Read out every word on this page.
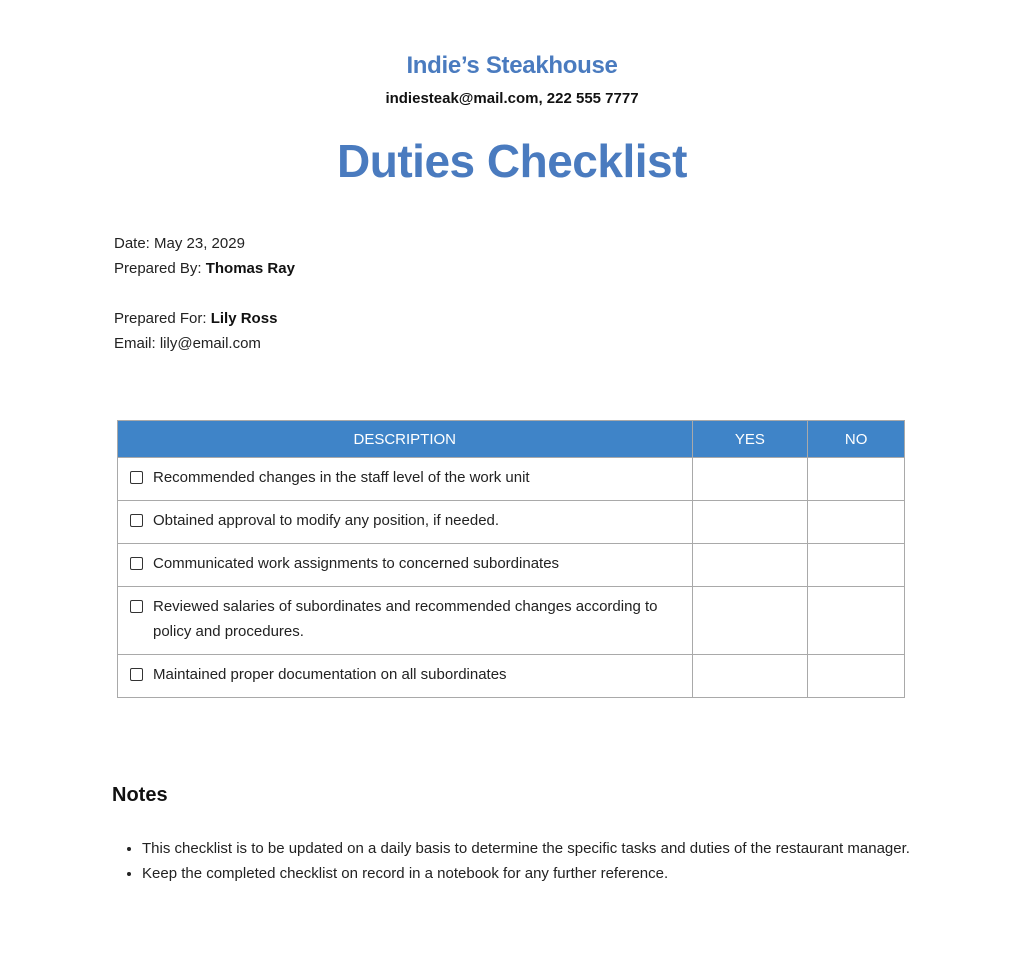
Indie’s Steakhouse
indiesteak@mail.com, 222 555 7777
Duties Checklist
Date: May 23, 2029
Prepared By: Thomas Ray
Prepared For: Lily Ross
Email: lily@email.com
DESCRIPTION	YES	NO

Recommended changes in the staff level of the work unit		

Obtained approval to modify any position, if needed.		

Communicated work assignments to concerned subordinates		

Reviewed salaries of subordinates and recommended changes according to policy and procedures.		

Maintained proper documentation on all subordinates		

Notes
• This checklist is to be updated on a daily basis to determine the specific tasks and duties of the restaurant manager.
• Keep the completed checklist on record in a notebook for any further reference.
